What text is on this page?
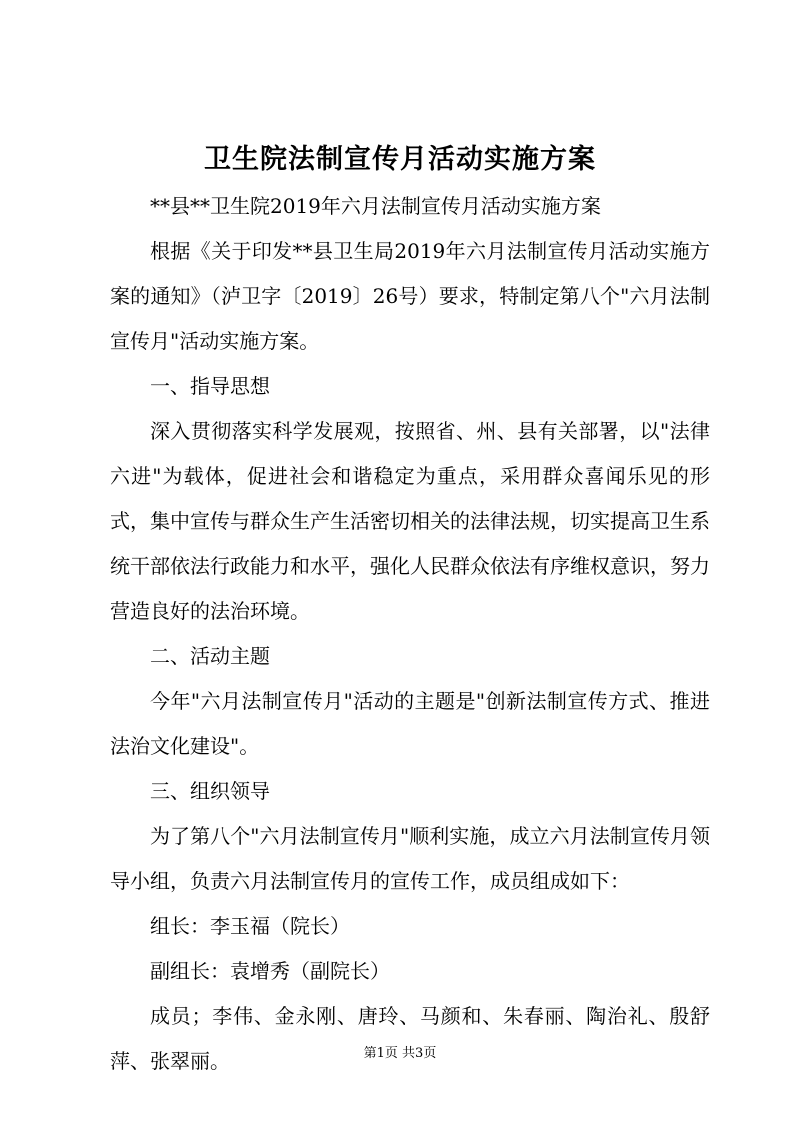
卫生院法制宣传月活动实施方案

**县**卫生院2019年六月法制宣传月活动实施方案

根据《关于印发**县卫生局2019年六月法制宣传月活动实施方案的通知》（泸卫字〔2019〕26号）要求，特制定第八个"六月法制宣传月"活动实施方案。

一、指导思想

深入贯彻落实科学发展观，按照省、州、县有关部署，以"法律六进"为载体，促进社会和谐稳定为重点，采用群众喜闻乐见的形式，集中宣传与群众生产生活密切相关的法律法规，切实提高卫生系统干部依法行政能力和水平，强化人民群众依法有序维权意识，努力营造良好的法治环境。

二、活动主题

今年"六月法制宣传月"活动的主题是"创新法制宣传方式、推进法治文化建设"。

三、组织领导

为了第八个"六月法制宣传月"顺利实施，成立六月法制宣传月领导小组，负责六月法制宣传月的宣传工作，成员组成如下：

组长：李玉福（院长）

副组长：袁增秀（副院长）

成员；李伟、金永刚、唐玲、马颜和、朱春丽、陶治礼、殷舒萍、张翠丽。	第1页 共3页
